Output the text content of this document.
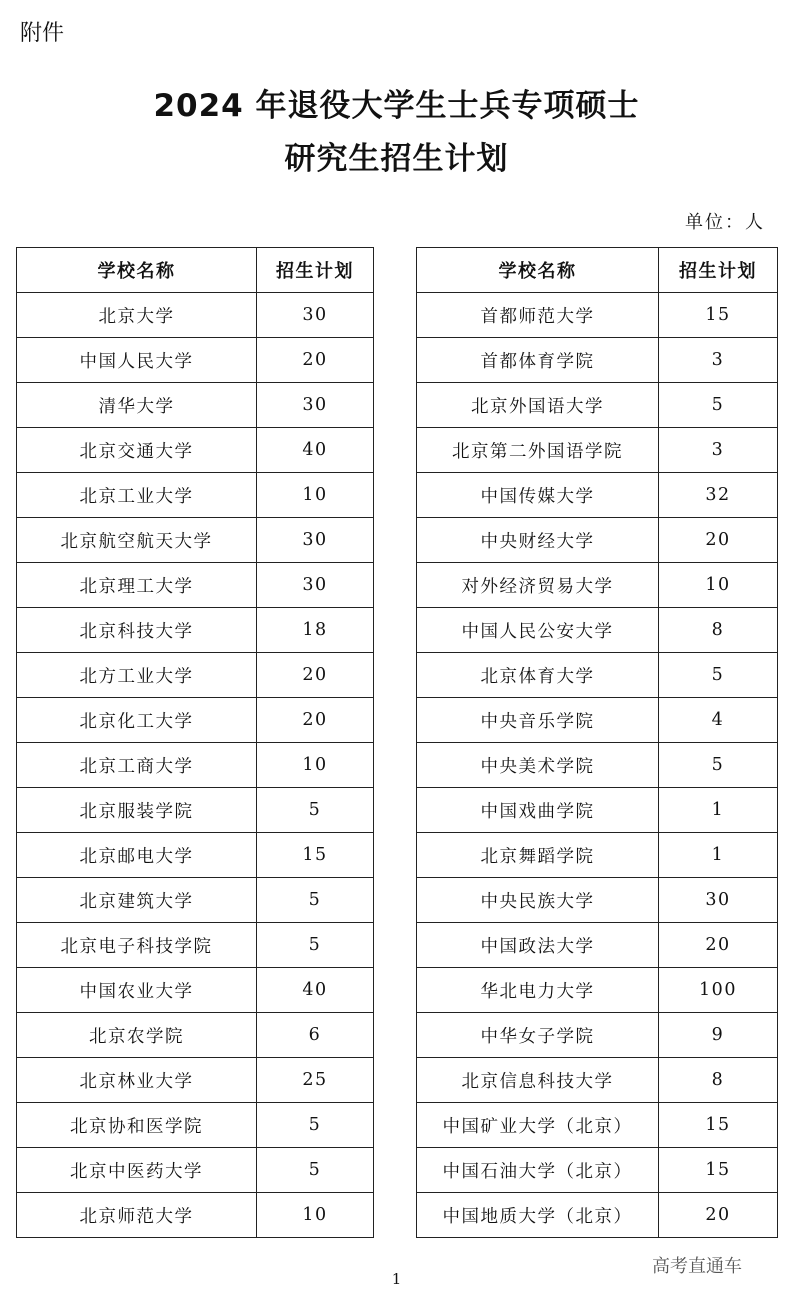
附件
2024 年退役大学生士兵专项硕士
研究生招生计划
单位：人
学校名称	招生计划
北京大学	30
中国人民大学	20
清华大学	30
北京交通大学	40
北京工业大学	10
北京航空航天大学	30
北京理工大学	30
北京科技大学	18
北方工业大学	20
北京化工大学	20
北京工商大学	10
北京服装学院	5
北京邮电大学	15
北京建筑大学	5
北京电子科技学院	5
中国农业大学	40
北京农学院	6
北京林业大学	25
北京协和医学院	5
北京中医药大学	5
北京师范大学	10
学校名称	招生计划
首都师范大学	15
首都体育学院	3
北京外国语大学	5
北京第二外国语学院	3
中国传媒大学	32
中央财经大学	20
对外经济贸易大学	10
中国人民公安大学	8
北京体育大学	5
中央音乐学院	4
中央美术学院	5
中国戏曲学院	1
北京舞蹈学院	1
中央民族大学	30
中国政法大学	20
华北电力大学	100
中华女子学院	9
北京信息科技大学	8
中国矿业大学（北京）	15
中国石油大学（北京）	15
中国地质大学（北京）	20
高考直通车
1
